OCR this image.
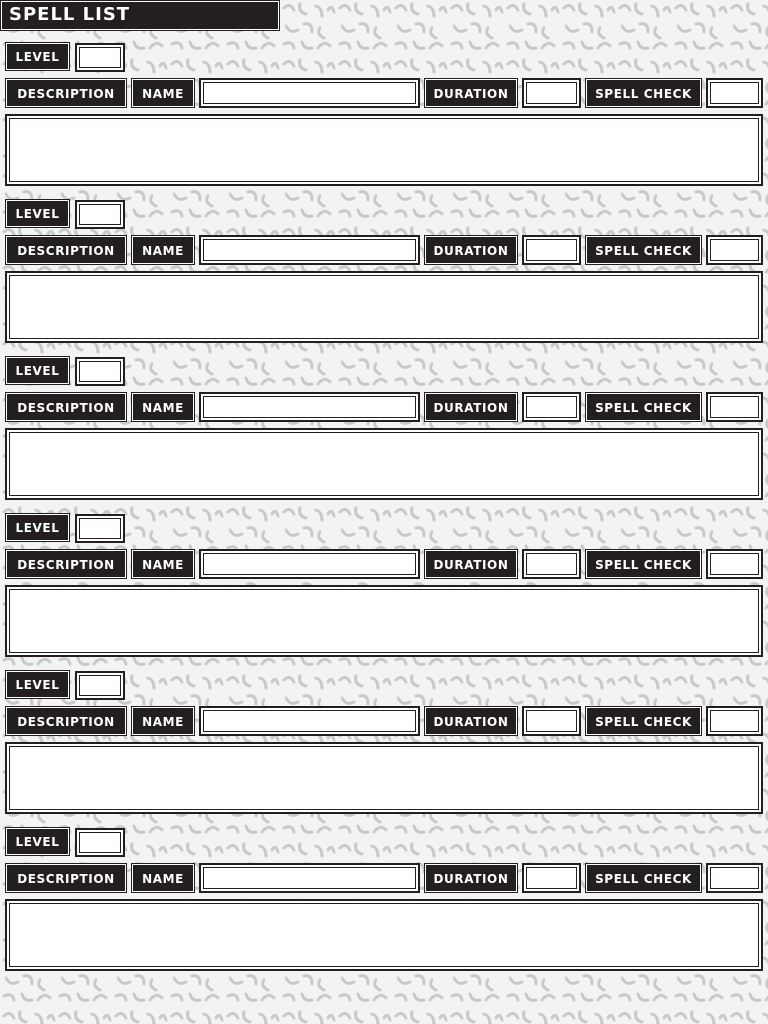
SPELL LIST
LEVEL
DESCRIPTION	NAME	DURATION	SPELL CHECK
LEVEL
DESCRIPTION	NAME	DURATION	SPELL CHECK
LEVEL
DESCRIPTION	NAME	DURATION	SPELL CHECK
LEVEL
DESCRIPTION	NAME	DURATION	SPELL CHECK
LEVEL
DESCRIPTION	NAME	DURATION	SPELL CHECK
LEVEL
DESCRIPTION	NAME	DURATION	SPELL CHECK
